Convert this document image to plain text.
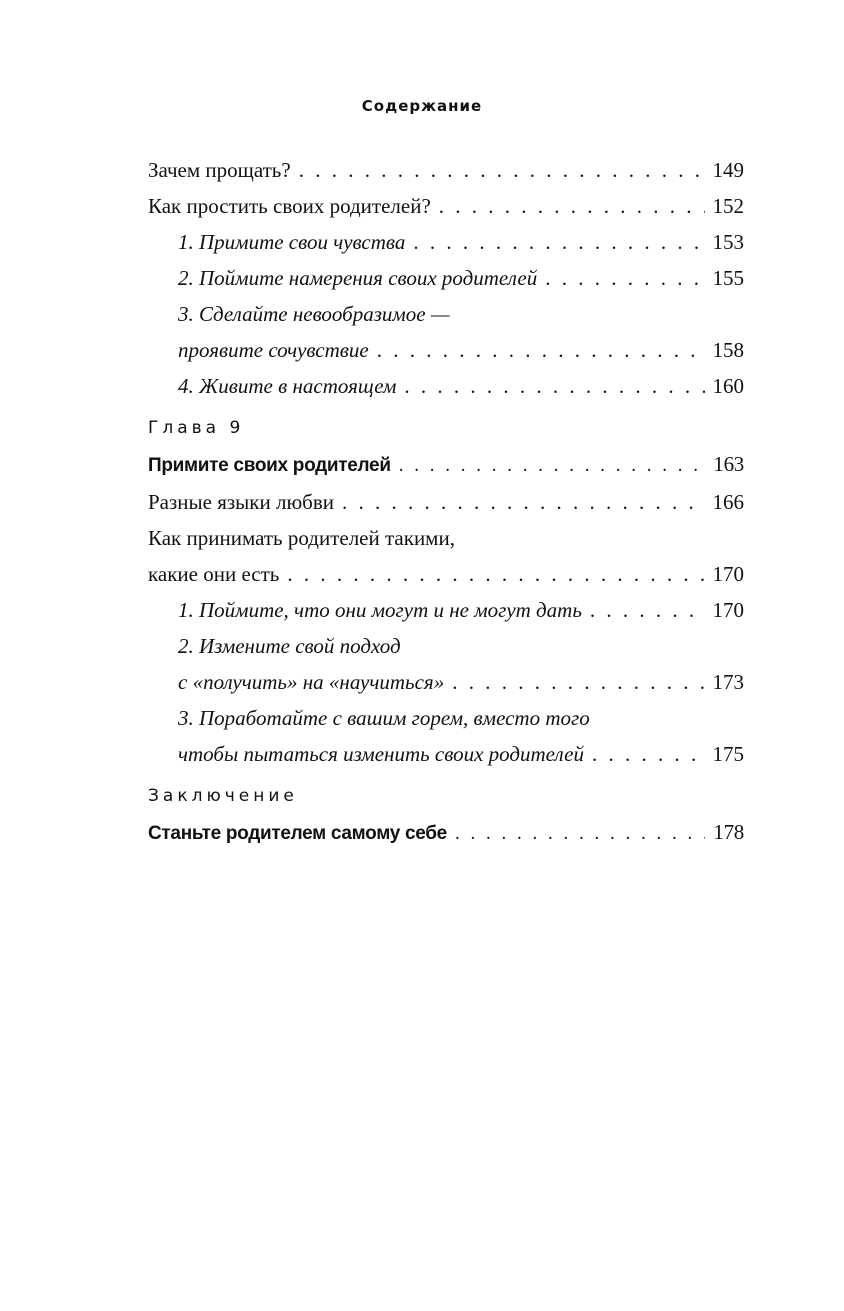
Содержание
Зачем прощать? . . .	149
Как простить своих родителей? . . .	152
1. Примите свои чувства . . .	153
2. Поймите намерения своих родителей . . .	155
3. Сделайте невообразимое —
проявите сочувствие . . .	158
4. Живите в настоящем . . .	160
Глава 9
Примите своих родителей . . .	163
Разные языки любви . . .	166
Как принимать родителей такими,
какие они есть . . .	170
1. Поймите, что они могут и не могут дать . . .	170
2. Измените свой подход
с «получить» на «научиться» . . .	173
3. Поработайте с вашим горем, вместо того
чтобы пытаться изменить своих родителей . . .	175
Заключение
Станьте родителем самому себе . . .	178
